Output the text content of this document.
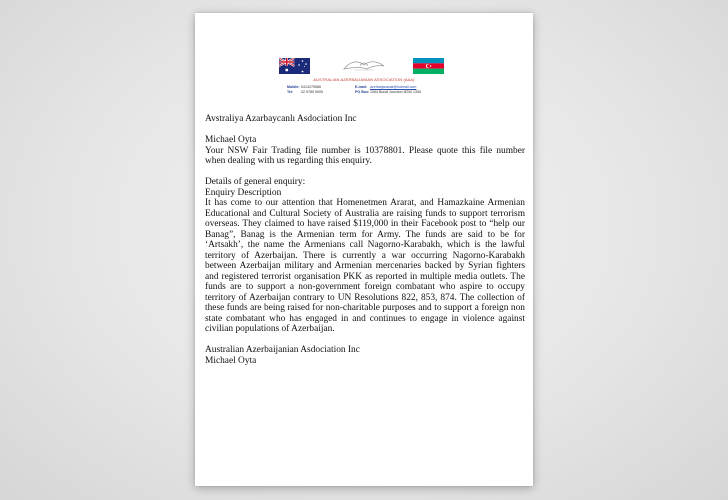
AUSTRALIAN AZERBAIJANIAN ASSOCIATION (AAA)
Mobile:0414275566
Tel: 02 9789 5005
E-mail: azerbaijanaust@hotmail.com
PO Box:1064 Bondi Junction NSW 1355

Avstraliya Azarbaycanlı Asdociation Inc

Michael Oyta

Your NSW Fair Trading file number is 10378801. Please quote this file number when dealing with us regarding this enquiry.

Details of general enquiry:

Enquiry Description

It has come to our attention that Homenetmen Ararat, and Hamazkaine Armenian Educational and Cultural Society of Australia are raising funds to support terrorism overseas. They claimed to have raised $119,000 in their Facebook post to “help our Banag”, Banag is the Armenian term for Army. The funds are said to be for ‘Artsakh’, the name the Armenians call Nagorno-Karabakh, which is the lawful territory of Azerbaijan. There is currently a war occurring Nagorno-Karabakh between Azerbaijan military and Armenian mercenaries backed by Syrian fighters and registered terrorist organisation PKK as reported in multiple media outlets. The funds are to support a non-government foreign combatant who aspire to occupy territory of Azerbaijan contrary to UN Resolutions 822, 853, 874. The collection of these funds are being raised for non-charitable purposes and to support a foreign non state combatant who has engaged in and continues to engage in violence against civilian populations of Azerbaijan.

Australian Azerbaijanian Asdociation Inc

Michael Oyta
